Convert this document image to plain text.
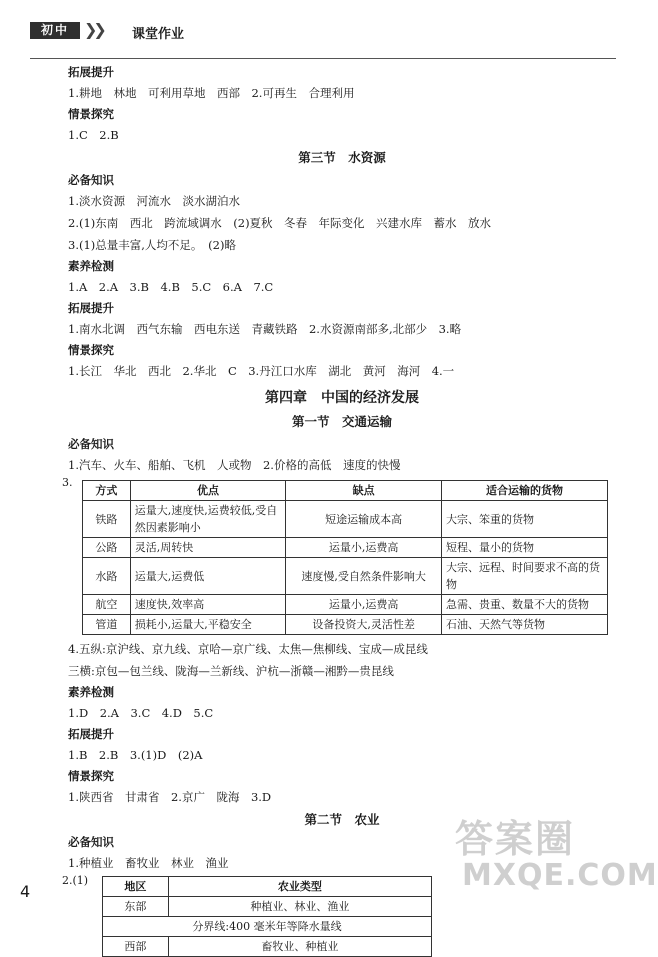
初中 ❯❯ 课堂作业
拓展提升
1.耕地　林地　可利用草地　西部　2.可再生　合理利用
情景探究
1.C　2.B
第三节　水资源
必备知识
1.淡水资源　河流水　淡水湖泊水
2.(1)东南　西北　跨流域调水　(2)夏秋　冬春　年际变化　兴建水库　蓄水　放水
3.(1)总量丰富,人均不足。　(2)略
素养检测
1.A　2.A　3.B　4.B　5.C　6.A　7.C
拓展提升
1.南水北调　西气东输　西电东送　青藏铁路　2.水资源南部多,北部少　3.略
情景探究
1.长江　华北　西北　2.华北　C　3.丹江口水库　湖北　黄河　海河　4.一
第四章　中国的经济发展
第一节　交通运输
必备知识
1.汽车、火车、船舶、飞机　人或物　2.价格的高低　速度的快慢
3.
方式	优点	缺点	适合运输的货物
铁路	运量大,速度快,运费较低,受自然因素影响小	短途运输成本高	大宗、笨重的货物
公路	灵活,周转快	运量小,运费高	短程、量小的货物
水路	运量大,运费低	速度慢,受自然条件影响大	大宗、远程、时间要求不高的货物
航空	速度快,效率高	运量小,运费高	急需、贵重、数量不大的货物
管道	损耗小,运量大,平稳安全	设备投资大,灵活性差	石油、天然气等货物
4.五纵:京沪线、京九线、京哈—京广线、太焦—焦柳线、宝成—成昆线
三横:京包—包兰线、陇海—兰新线、沪杭—浙赣—湘黔—贵昆线
素养检测
1.D　2.A　3.C　4.D　5.C
拓展提升
1.B　2.B　3.(1)D　(2)A
情景探究
1.陕西省　甘肃省　2.京广　陇海　3.D
第二节　农业
必备知识
1.种植业　畜牧业　林业　渔业
2.(1)	地区	农业类型
东部	种植业、林业、渔业
分界线:400 毫米年等降水量线	
西部	畜牧业、种植业
答案圈
MXQE.COM
4
